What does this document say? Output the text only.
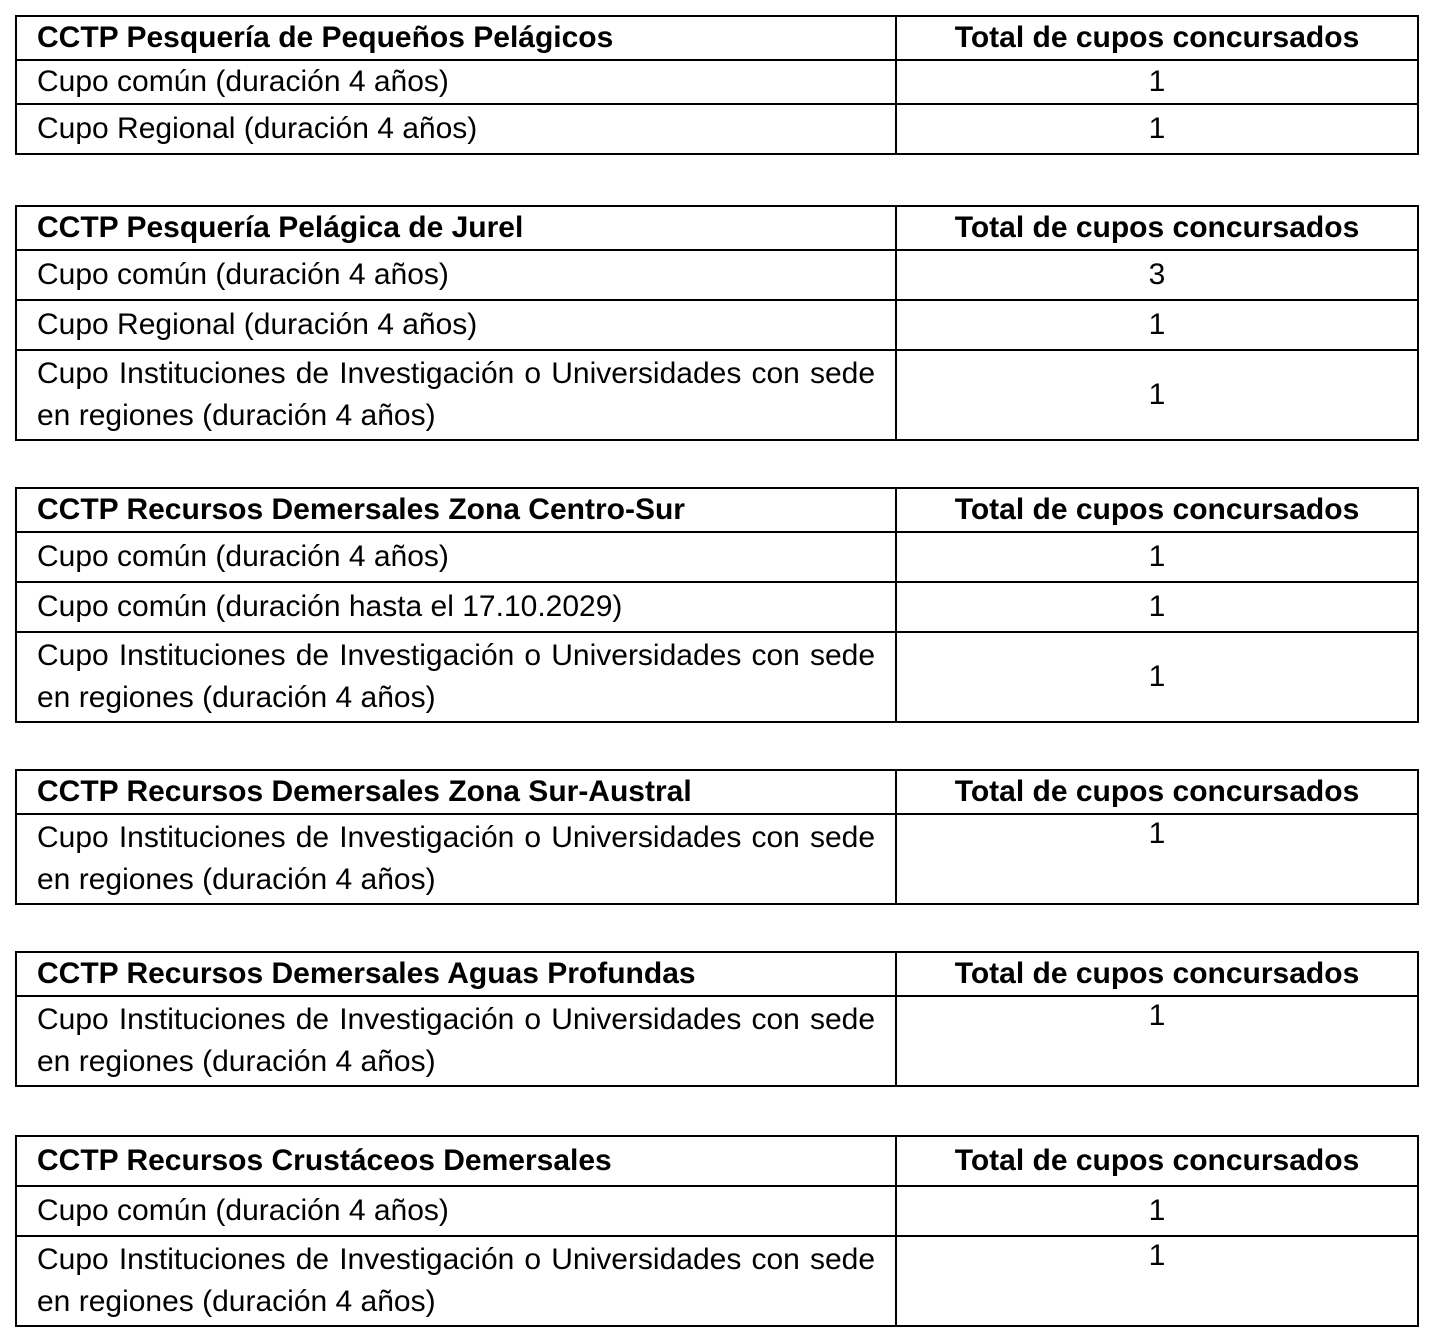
CCTP Pesquería de Pequeños Pelágicos	Total de cupos concursados
Cupo común (duración 4 años)	1
Cupo Regional (duración 4 años)	1
CCTP Pesquería Pelágica de Jurel	Total de cupos concursados
Cupo común (duración 4 años)	3
Cupo Regional (duración 4 años)	1
Cupo Instituciones de Investigación o Universidades con sede en regiones (duración 4 años)	1
CCTP Recursos Demersales Zona Centro-Sur	Total de cupos concursados
Cupo común (duración 4 años)	1
Cupo común (duración hasta el 17.10.2029)	1
Cupo Instituciones de Investigación o Universidades con sede en regiones (duración 4 años)	1
CCTP Recursos Demersales Zona Sur-Austral	Total de cupos concursados
Cupo Instituciones de Investigación o Universidades con sede en regiones (duración 4 años)	1
CCTP Recursos Demersales Aguas Profundas	Total de cupos concursados
Cupo Instituciones de Investigación o Universidades con sede en regiones (duración 4 años)	1
CCTP Recursos Crustáceos Demersales	Total de cupos concursados
Cupo común (duración 4 años)	1
Cupo Instituciones de Investigación o Universidades con sede en regiones (duración 4 años)	1
